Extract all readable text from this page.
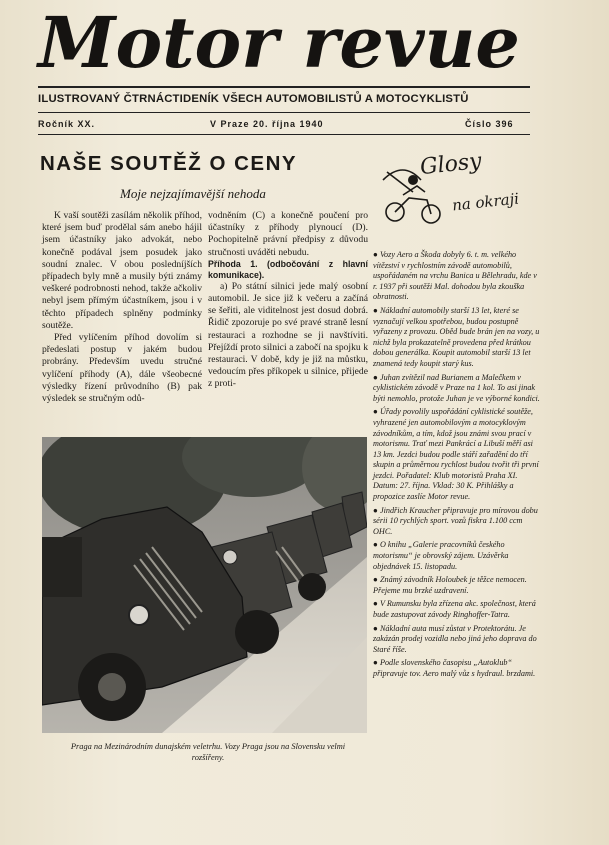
Motor revue
ILUSTROVANÝ ČTRNÁCTIDENÍK VŠECH AUTOMOBILISTŮ A MOTOCYKLISTŮ
Ročník XX.	V Praze 20. října 1940	Číslo 396
NAŠE SOUTĚŽ O CENY
Moje nejzajímavější nehoda

K vaší soutěži zasílám několik příhod, které jsem buď prodělal sám anebo hájil jsem účastníky jako advokát, nebo konečně podával jsem posudek jako soudní znalec. V obou posledníjších případech byly mně a musily býti známy veškeré podrobnosti nehod, takže ačkoliv nebyl jsem přímým účastníkem, jsou i v těchto případech splněny podmínky soutěže.

Před vylíčením příhod dovolím si předeslati postup v jakém budou probrány. Především uvedu stručné vylíčení příhody (A), dále všeobecné výsledky řízení průvodního (B) pak výsledek se stručným odů-

vodněním (C) a konečně poučení pro účastníky z příhody plynoucí (D). Pochopitelně právní předpisy z důvodu stručnosti uváděti nebudu.

Příhoda 1. (odbočování z hlavní komunikace).

a) Po státní silnici jede malý osobní automobil. Je sice již k večeru a začíná se šeřiti, ale viditelnost jest dosud dobrá. Řidič zpozoruje po své pravé straně lesní restauraci a rozhodne se ji navštíviti. Přejíždí proto silnici a zabočí na spojku k restauraci. V době, kdy je již na můstku, vedoucím přes příkopek u silnice, přijede z proti-

Praga na Mezinárodním dunajském veletrhu. Vozy Praga jsou na Slovensku velmi rozšířeny.
Glosy
na okraji

● Vozy Aero a Škoda dobyly 6. t. m. velkého vítězství v rychlostním závodě automobilů, uspořádaném na vrchu Banica u Bělehradu, kde v r. 1937 při soutěži Mal. dohodou byla zkouška obratnosti.

● Nákladní automobily starší 13 let, které se vyznačují velkou spotřebou, budou postupně vyřazeny z provozu. Oběd bude brán jen na vozy, u nichž byla prokazatelně provedena před krátkou dobou generálka. Koupit automobil starší 13 let znamená tedy koupit starý kus.

● Juhan zvítězil nad Burianem a Malečkem v cyklistickém závodě v Praze na 1 kol. To asi jinak býti nemohlo, protože Juhan je ve výborné kondici.

● Úřady povolily uspořádání cyklistické soutěže, vyhrazené jen automobilovým a motocyklovým závodníkům, a tím, kdož jsou známi svou prací v motorismu. Trať mezi Pankrácí a Libuší měří asi 13 km. Jezdci budou podle stáří zařadění do tří skupin a průměrnou rychlost budou tvořit tři první jezdci. Pořadatel: Klub motoristů Praha XI. Datum: 27. října. Vklad: 30 K. Přihlášky a propozice zaslíe Motor revue.

● Jindřich Kraucher připravuje pro mírovou dobu sérii 10 rychlých sport. vozů fiskra 1.100 ccm OHC.

● O knihu „Galerie pracovníků českého motorismu“ je obrovský zájem. Uzávěrka objednávek 15. listopadu.

● Známý závodník Holoubek je těžce nemocen. Přejeme mu brzké uzdravení.

● V Rumunsku byla zřízena akc. společnost, která bude zastupovat závody Ringhoffer-Tatra.

● Nákladní auta musí zůstat v Protektorátu. Je zakázán prodej vozidla nebo jiná jeho doprava do Staré říše.

● Podle slovenského časopisu „Autoklub“ připravuje tov. Aero malý vůz s hydraul. brzdami.
